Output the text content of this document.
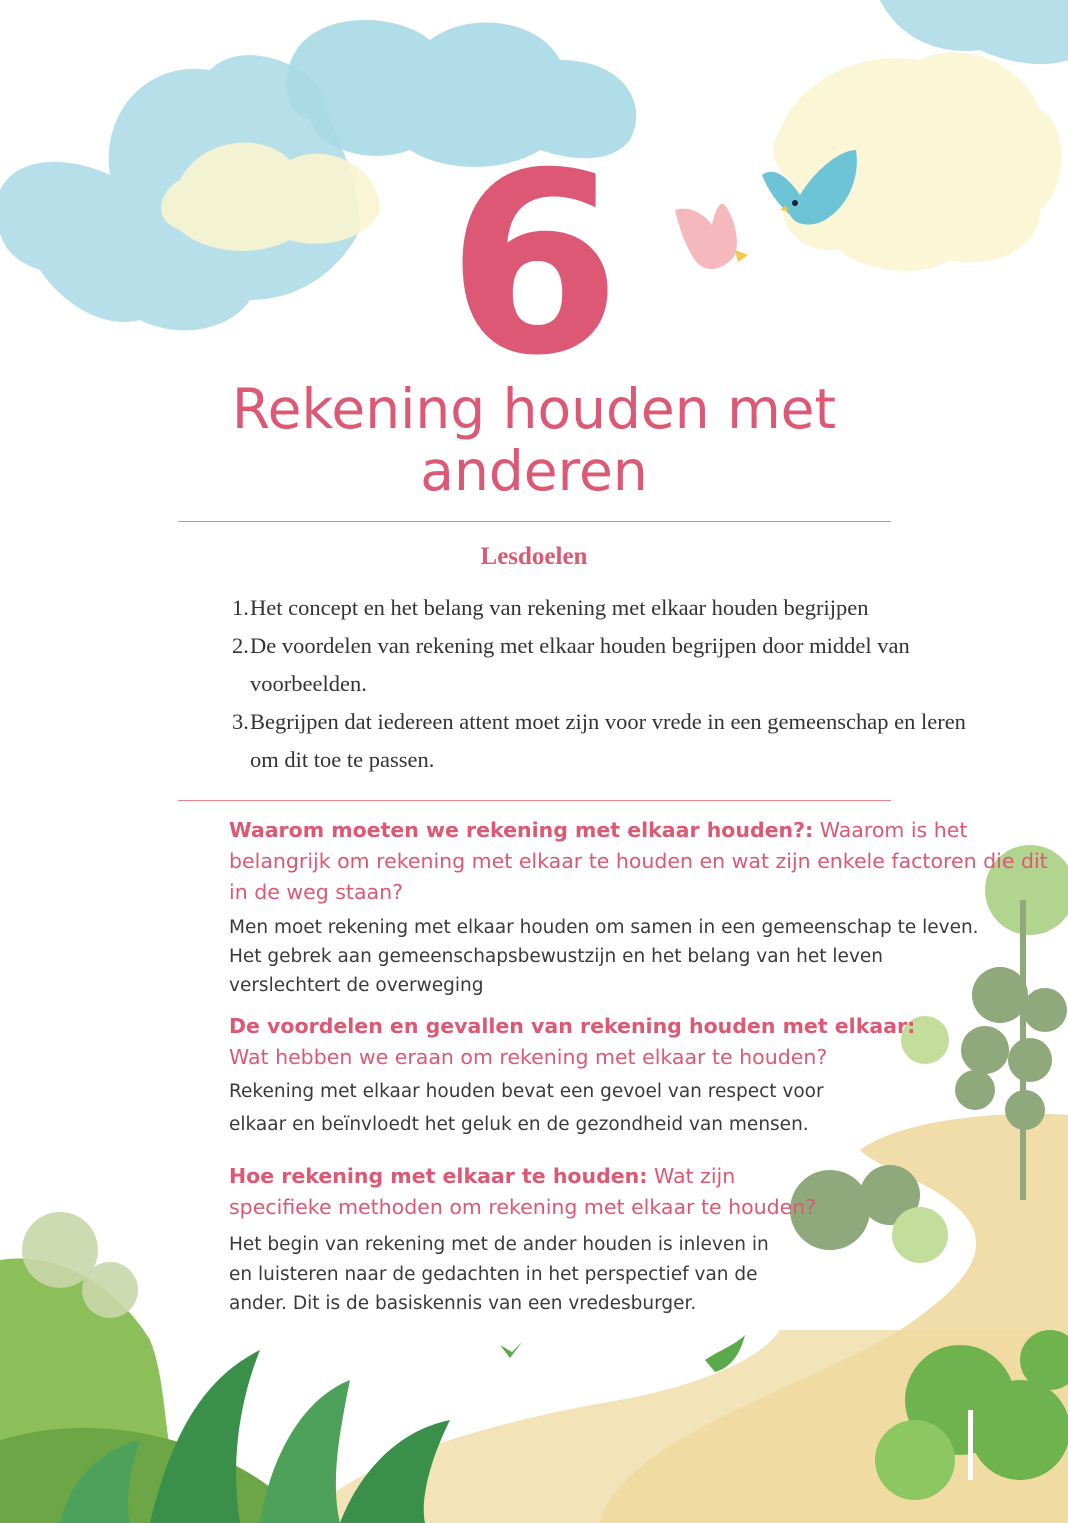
6
Rekening houden met anderen
Lesdoelen
1. Het concept en het belang van rekening met elkaar houden begrijpen
2. De voordelen van rekening met elkaar houden begrijpen door middel van voorbeelden.
3. Begrijpen dat iedereen attent moet zijn voor vrede in een gemeenschap en leren om dit toe te passen.

Waarom moeten we rekening met elkaar houden?: Waarom is het belangrijk om rekening met elkaar te houden en wat zijn enkele factoren die dit in de weg staan?

Men moet rekening met elkaar houden om samen in een gemeenschap te leven. Het gebrek aan gemeenschapsbewustzijn en het belang van het leven verslechtert de overweging

De voordelen en gevallen van rekening houden met elkaar: Wat hebben we eraan om rekening met elkaar te houden?

Rekening met elkaar houden bevat een gevoel van respect voor elkaar en beïnvloedt het geluk en de gezondheid van mensen.

Hoe rekening met elkaar te houden: Wat zijn specifieke methoden om rekening met elkaar te houden?

Het begin van rekening met de ander houden is inleven in en luisteren naar de gedachten in het perspectief van de ander. Dit is de basiskennis van een vredesburger.
